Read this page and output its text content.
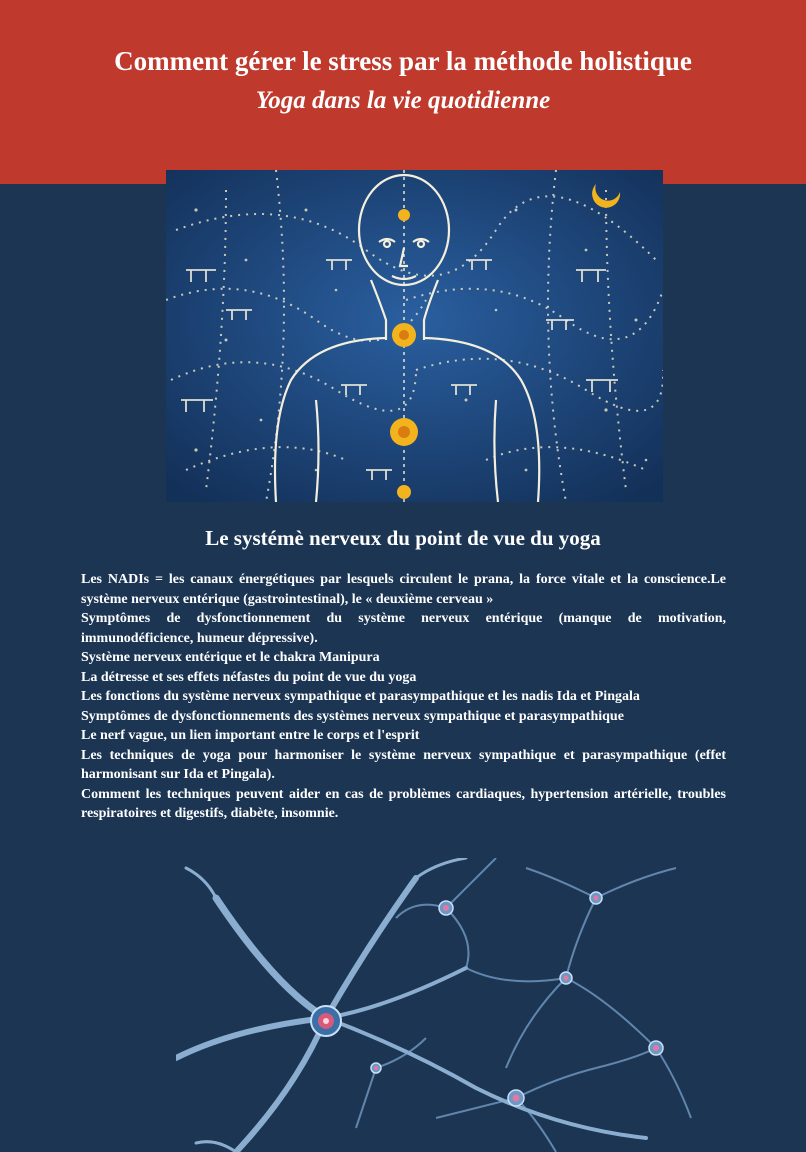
Comment gérer le stress par la méthode holistique
Yoga dans la vie quotidienne
Le systémè nerveux du point de vue du yoga

Les NADIs = les canaux énergétiques par lesquels circulent le prana, la force vitale et la conscience.Le système nerveux entérique (gastrointestinal), le « deuxième cerveau »

Symptômes de dysfonctionnement du système nerveux entérique (manque de motivation, immunodéficience, humeur dépressive).

Système nerveux entérique et le chakra Manipura

La détresse et ses effets néfastes du point de vue du yoga

Les fonctions du système nerveux sympathique et parasympathique et les nadis Ida et Pingala

Symptômes de dysfonctionnements des systèmes nerveux sympathique et parasympathique

Le nerf vague, un lien important entre le corps et l'esprit

Les techniques de yoga pour harmoniser le système nerveux sympathique et parasympathique (effet harmonisant sur Ida et Pingala).

Comment les techniques peuvent aider en cas de problèmes cardiaques, hypertension artérielle, troubles respiratoires et digestifs, diabète, insomnie.
